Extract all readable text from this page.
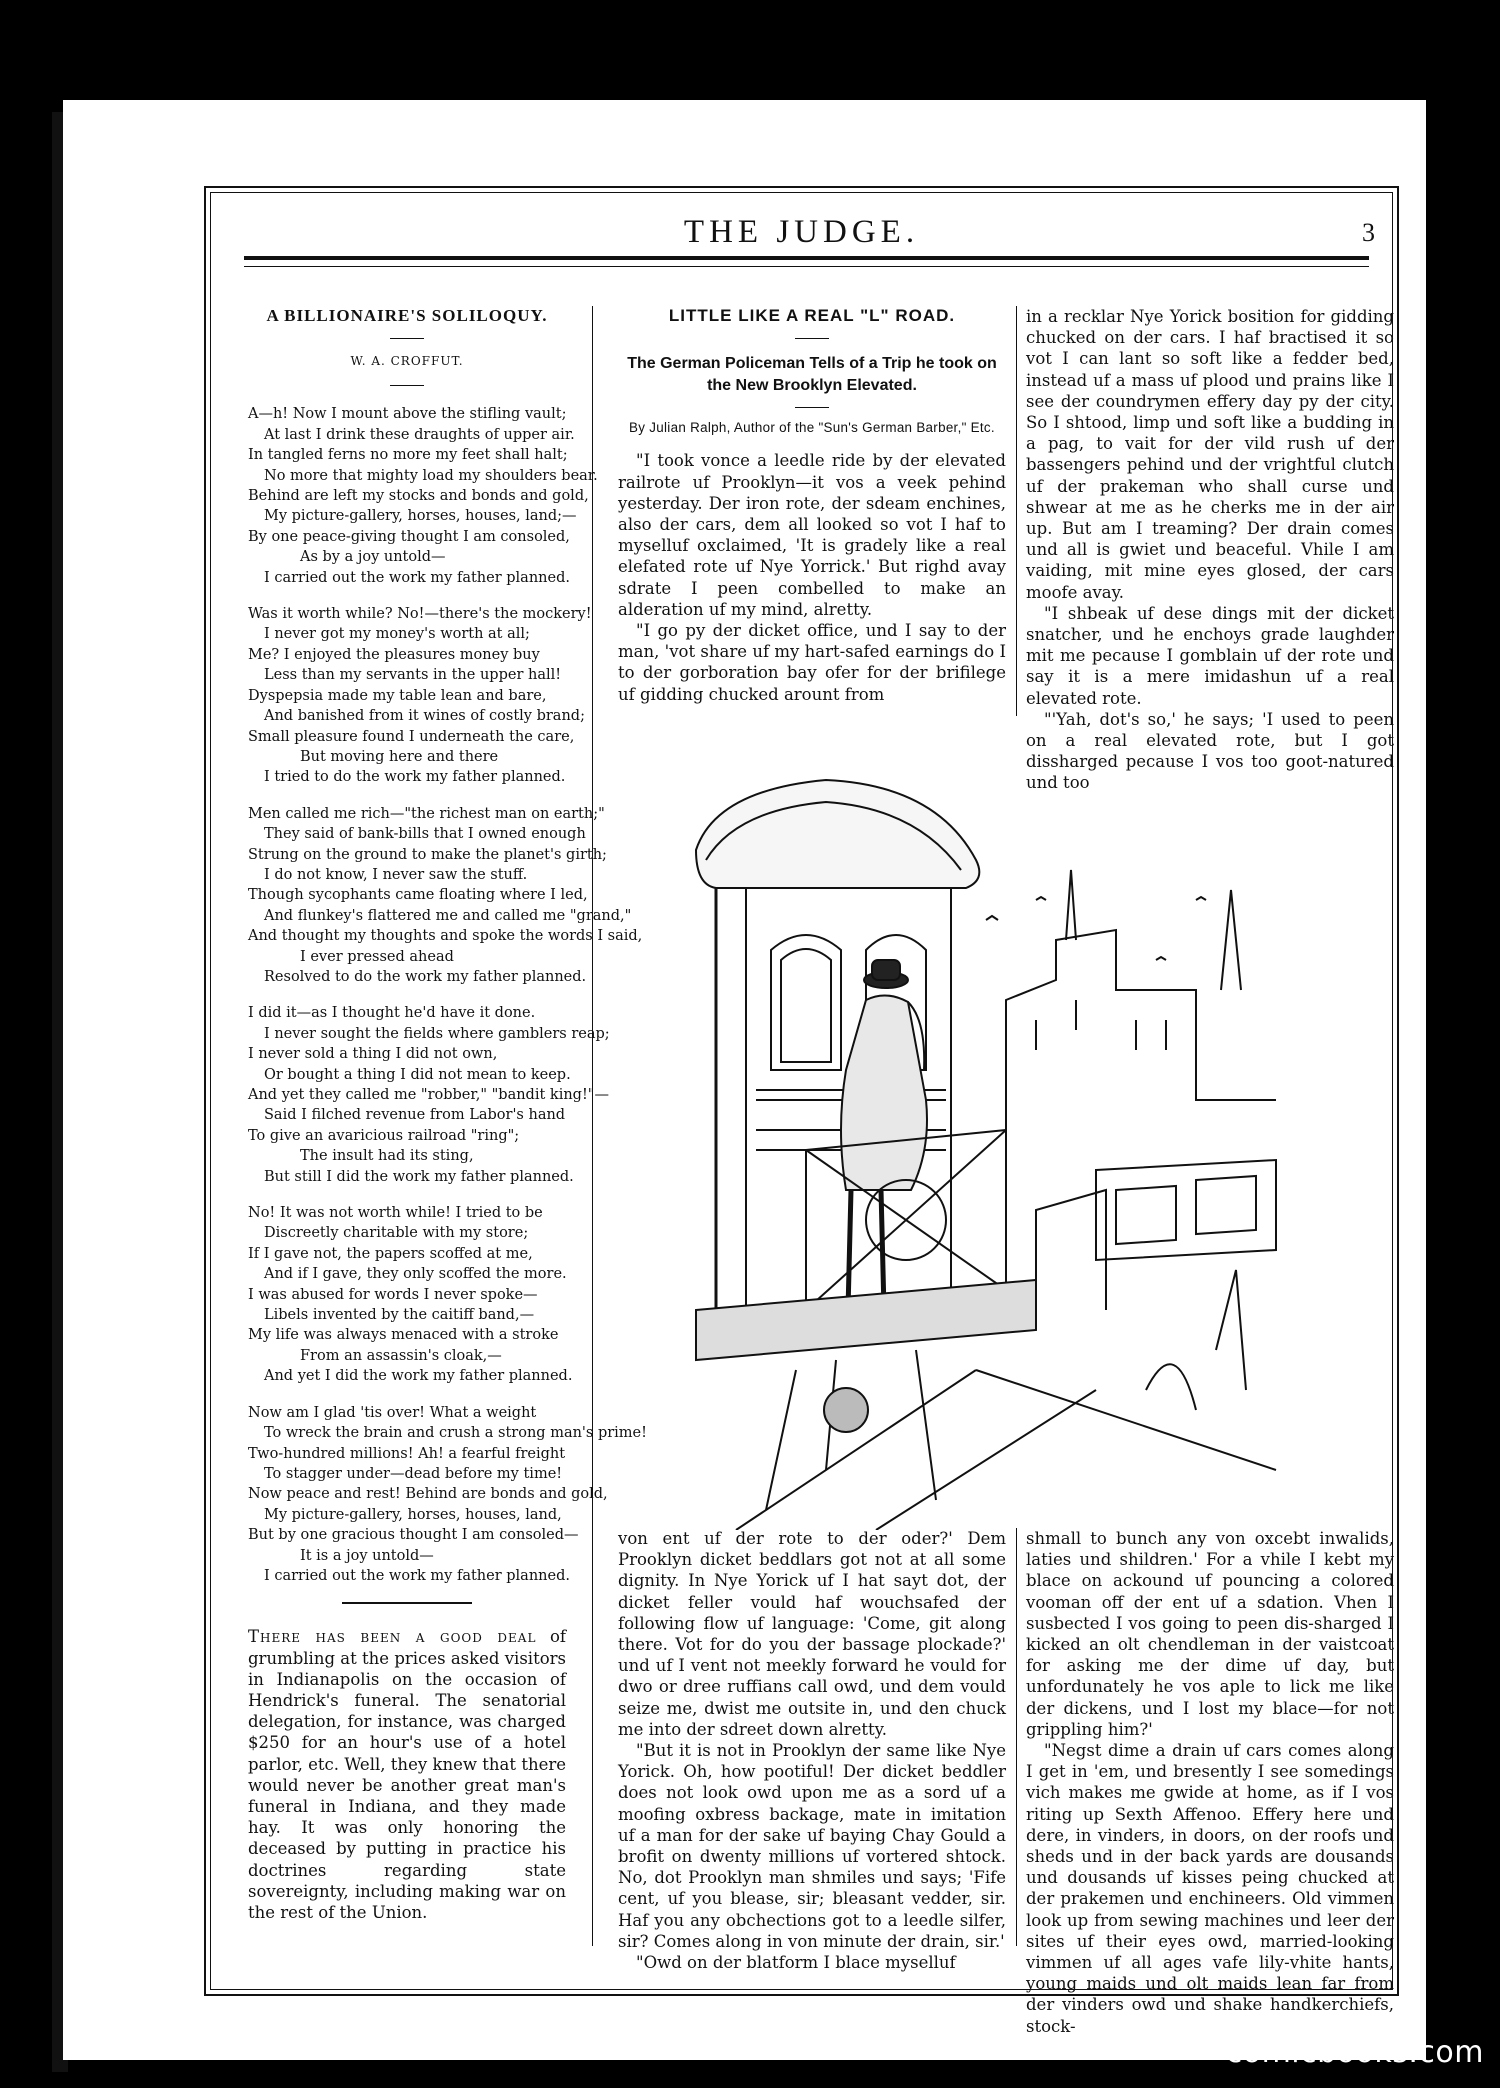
THE JUDGE.	3
A BILLIONAIRE'S SOLILOQUY.
W. A. CROFFUT.

A—h! Now I mount above the stifling vault;

At last I drink these draughts of upper air.

In tangled ferns no more my feet shall halt;

No more that mighty load my shoulders bear.

Behind are left my stocks and bonds and gold,

My picture-gallery, horses, houses, land;—

By one peace-giving thought I am consoled,

As by a joy untold—

I carried out the work my father planned.

Was it worth while? No!—there's the mockery!

I never got my money's worth at all;

Me? I enjoyed the pleasures money buy

Less than my servants in the upper hall!

Dyspepsia made my table lean and bare,

And banished from it wines of costly brand;

Small pleasure found I underneath the care,

But moving here and there

I tried to do the work my father planned.

Men called me rich—"the richest man on earth;"

They said of bank-bills that I owned enough

Strung on the ground to make the planet's girth;

I do not know, I never saw the stuff.

Though sycophants came floating where I led,

And flunkey's flattered me and called me "grand,"

And thought my thoughts and spoke the words I said,

I ever pressed ahead

Resolved to do the work my father planned.

I did it—as I thought he'd have it done.

I never sought the fields where gamblers reap;

I never sold a thing I did not own,

Or bought a thing I did not mean to keep.

And yet they called me "robber," "bandit king!"—

Said I filched revenue from Labor's hand

To give an avaricious railroad "ring";

The insult had its sting,

But still I did the work my father planned.

No! It was not worth while! I tried to be

Discreetly charitable with my store;

If I gave not, the papers scoffed at me,

And if I gave, they only scoffed the more.

I was abused for words I never spoke—

Libels invented by the caitiff band,—

My life was always menaced with a stroke

From an assassin's cloak,—

And yet I did the work my father planned.

Now am I glad 'tis over! What a weight

To wreck the brain and crush a strong man's prime!

Two-hundred millions! Ah! a fearful freight

To stagger under—dead before my time!

Now peace and rest! Behind are bonds and gold,

My picture-gallery, horses, houses, land,

But by one gracious thought I am consoled—

It is a joy untold—

I carried out the work my father planned.

There has been a good deal of grumbling at the prices asked visitors in Indianapolis on the occasion of Hendrick's funeral. The senatorial delegation, for instance, was charged $250 for an hour's use of a hotel parlor, etc. Well, they knew that there would never be another great man's funeral in Indiana, and they made hay. It was only honoring the deceased by putting in practice his doctrines regarding state sovereignty, including making war on the rest of the Union.

LITTLE LIKE A REAL "L" ROAD.
The German Policeman Tells of a Trip he took on the New Brooklyn Elevated.
By Julian Ralph, Author of the "Sun's German Barber," Etc.

"I took vonce a leedle ride by der elevated railrote uf Prooklyn—it vos a veek pehind yesterday. Der iron rote, der sdeam enchines, also der cars, dem all looked so vot I haf to myselluf oxclaimed, 'It is gradely like a real elefated rote uf Nye Yorrick.' But righd avay sdrate I peen combelled to make an alderation uf my mind, alretty.

"I go py der dicket office, und I say to der man, 'vot share uf my hart-safed earnings do I to der gorboration bay ofer for der brifilege uf gidding chucked arount from

in a recklar Nye Yorick bosition for gidding chucked on der cars. I haf bractised it so vot I can lant so soft like a fedder bed, instead uf a mass uf plood und prains like I see der coundrymen effery day py der city. So I shtood, limp und soft like a budding in a pag, to vait for der vild rush uf der bassengers pehind und der vrightful clutch uf der prakeman who shall curse und shwear at me as he cherks me in der air up. But am I treaming? Der drain comes und all is gwiet und beaceful. Vhile I am vaiding, mit mine eyes glosed, der cars moofe avay.

"I shbeak uf dese dings mit der dicket snatcher, und he enchoys grade laughder mit me pecause I gomblain uf der rote und say it is a mere imidashun uf a real elevated rote.

"'Yah, dot's so,' he says; 'I used to peen on a real elevated rote, but I got dissharged pecause I vos too goot-natured und too

von ent uf der rote to der oder?' Dem Prooklyn dicket beddlars got not at all some dignity. In Nye Yorick uf I hat sayt dot, der dicket feller vould haf wouchsafed der following flow uf language: 'Come, git along there. Vot for do you der bassage plockade?' und uf I vent not meekly forward he vould for dwo or dree ruffians call owd, und dem vould seize me, dwist me outsite in, und den chuck me into der sdreet down alretty.

"But it is not in Prooklyn der same like Nye Yorick. Oh, how pootiful! Der dicket beddler does not look owd upon me as a sord uf a moofing oxbress backage, mate in imitation uf a man for der sake uf baying Chay Gould a brofit on dwenty millions uf vortered shtock. No, dot Prooklyn man shmiles und says; 'Fife cent, uf you blease, sir; bleasant vedder, sir. Haf you any obchections got to a leedle silfer, sir? Comes along in von minute der drain, sir.'

"Owd on der blatform I blace myselluf

shmall to bunch any von oxcebt inwalids, laties und shildren.' For a vhile I kebt my blace on ackound uf pouncing a colored vooman off der ent uf a sdation. Vhen I susbected I vos going to peen dis-sharged I kicked an olt chendleman in der vaistcoat for asking me der dime uf day, but unfordunately he vos aple to lick me like der dickens, und I lost my blace—for not grippling him?'

"Negst dime a drain uf cars comes along I get in 'em, und bresently I see somedings vich makes me gwide at home, as if I vos riting up Sexth Affenoo. Effery here und dere, in vinders, in doors, on der roofs und sheds und in der back yards are dousands und dousands uf kisses peing chucked at der prakemen und enchineers. Old vimmen look up from sewing machines und leer der sites uf their eyes owd, married-looking vimmen uf all ages vafe lily-vhite hants, young maids und olt maids lean far from der vinders owd und shake handkerchiefs, stock-

comicbooks.com
